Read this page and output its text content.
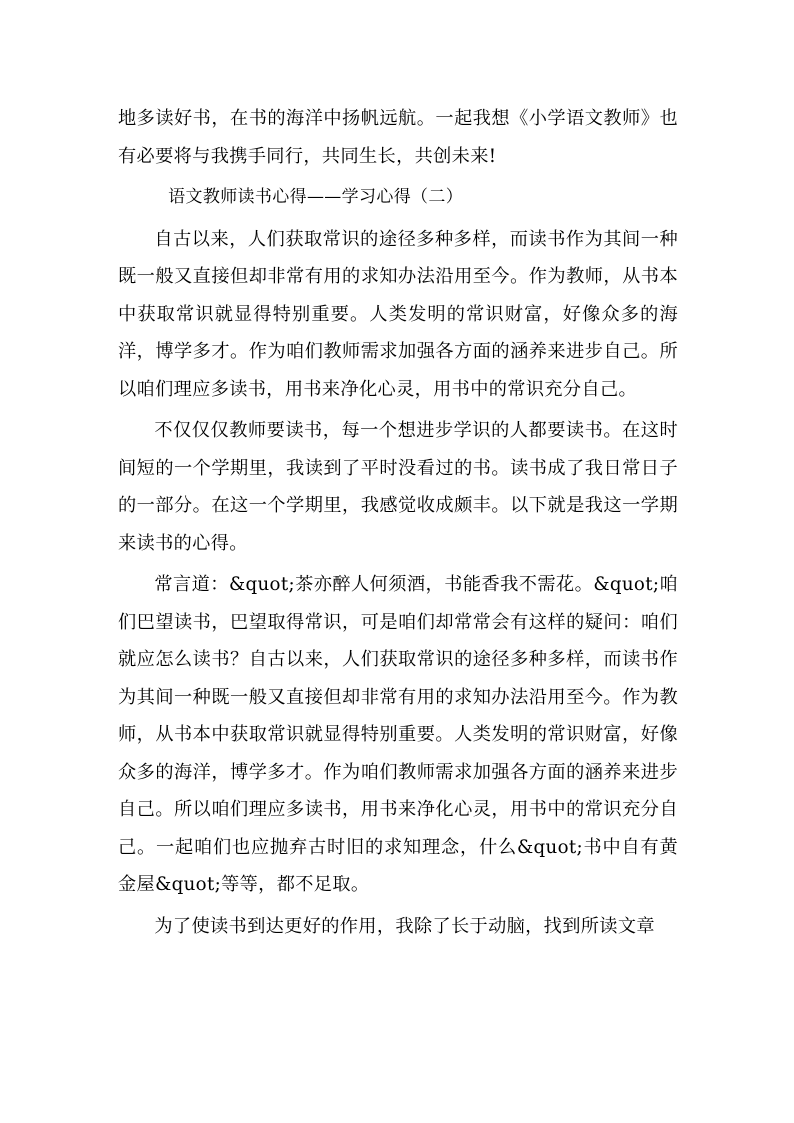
地多读好书，在书的海洋中扬帆远航。一起我想《小学语文教师》也有必要将与我携手同行，共同生长，共创未来!

语文教师读书心得——学习心得（二）

自古以来，人们获取常识的途径多种多样，而读书作为其间一种既一般又直接但却非常有用的求知办法沿用至今。作为教师，从书本中获取常识就显得特别重要。人类发明的常识财富，好像众多的海洋，博学多才。作为咱们教师需求加强各方面的涵养来进步自己。所以咱们理应多读书，用书来净化心灵，用书中的常识充分自己。

不仅仅仅教师要读书，每一个想进步学识的人都要读书。在这时间短的一个学期里，我读到了平时没看过的书。读书成了我日常日子的一部分。在这一个学期里，我感觉收成颇丰。以下就是我这一学期来读书的心得。

常言道：&quot;茶亦醉人何须酒，书能香我不需花。&quot;咱们巴望读书，巴望取得常识，可是咱们却常常会有这样的疑问：咱们就应怎么读书？自古以来，人们获取常识的途径多种多样，而读书作为其间一种既一般又直接但却非常有用的求知办法沿用至今。作为教师，从书本中获取常识就显得特别重要。人类发明的常识财富，好像众多的海洋，博学多才。作为咱们教师需求加强各方面的涵养来进步自己。所以咱们理应多读书，用书来净化心灵，用书中的常识充分自己。一起咱们也应抛弃古时旧的求知理念，什么&quot;书中自有黄金屋&quot;等等，都不足取。

为了使读书到达更好的作用，我除了长于动脑，找到所读文章
